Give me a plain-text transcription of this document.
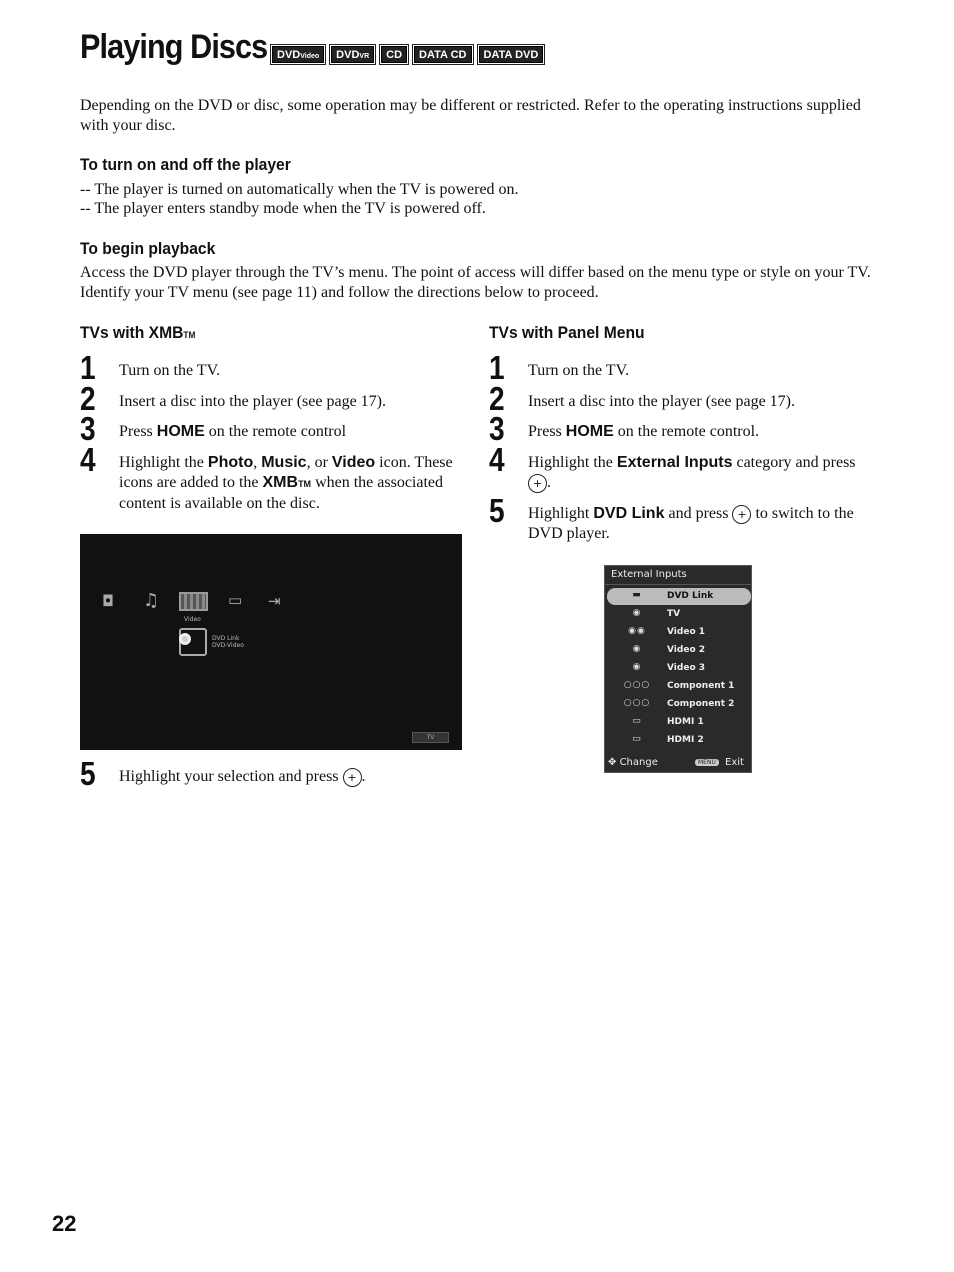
Playing Discs DVDVideo	DVDVR	CD	DATA CD	DATA DVD
Depending on the DVD or disc, some operation may be different or restricted. Refer to the operating instructions supplied with your disc.
To turn on and off the player
-- The player is turned on automatically when the TV is powered on.
-- The player enters standby mode when the TV is powered off.
To begin playback
Access the DVD player through the TV’s menu. The point of access will differ based on the menu type or style on your TV. Identify your TV menu (see page 11) and follow the directions below to proceed.
TVs with XMBTM
1 Turn on the TV.
2 Insert a disc into the player (see page 17).
3 Press HOME on the remote control
4 Highlight the Photo, Music, or Video icon. These icons are added to the XMBTM when the associated content is available on the disc.
◘ ♫
Video
▭ ⇥
DVD Link
DVD-Video
TV
5 Highlight your selection and press + .
TVs with Panel Menu
1 Turn on the TV.
2 Insert a disc into the player (see page 17).
3 Press HOME on the remote control.
4 Highlight the External Inputs category and press + .
5 Highlight DVD Link and press + to switch to the DVD player.
External Inputs
▬	DVD Link
◉	TV
◉◉	Video 1
◉	Video 2
◉	Video 3
○○○	Component 1
○○○	Component 2
▭	HDMI 1
▭	HDMI 2
✥ Change	MENU Exit
22
